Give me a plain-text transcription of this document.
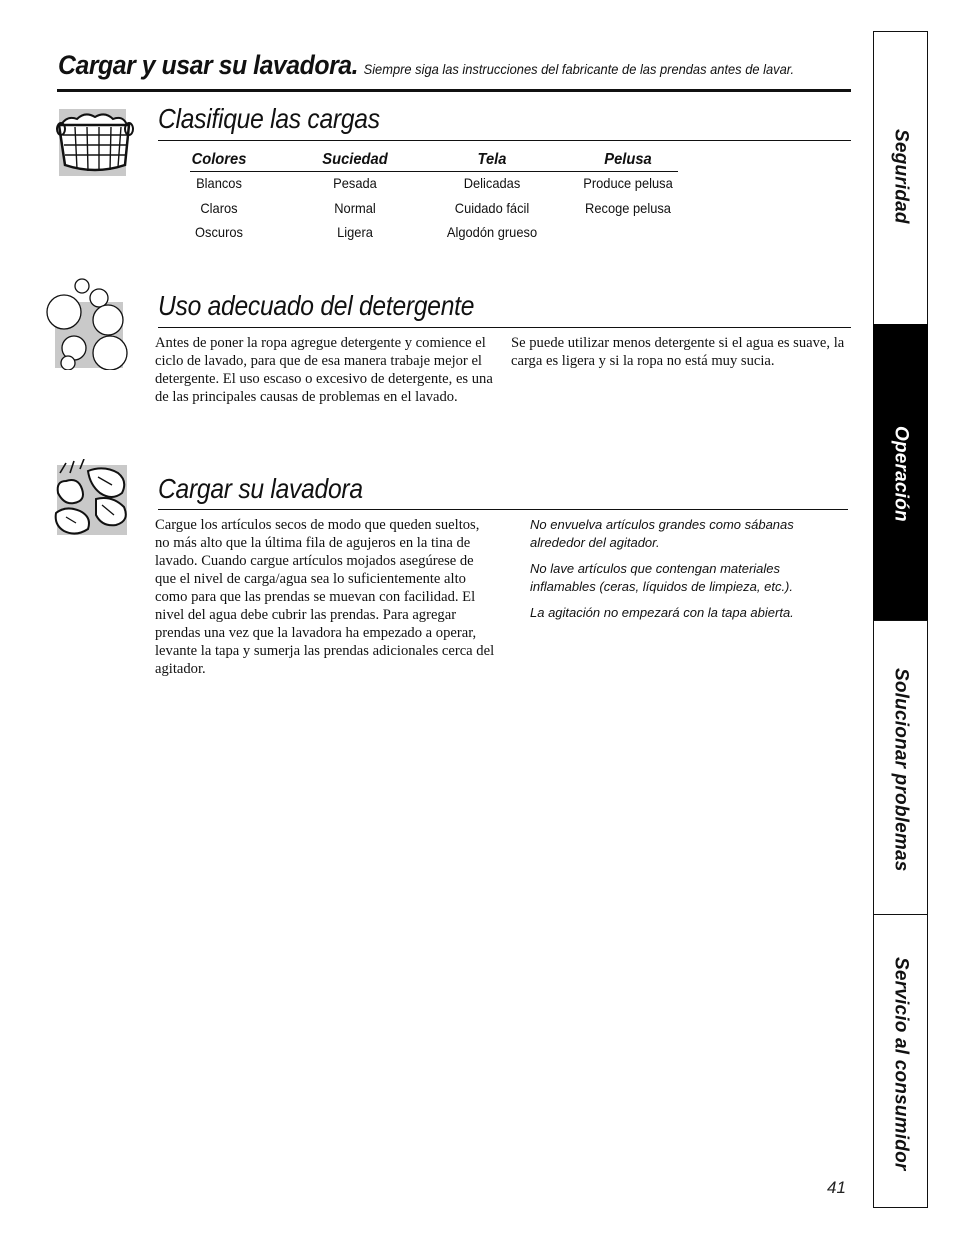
Cargar y usar su lavadora. Siempre siga las instrucciones del fabricante de las prendas antes de lavar.
Clasifique las cargas
Colores
Blancos
Claros
Oscuros
Suciedad
Pesada
Normal
Ligera
Tela
Delicadas
Cuidado fácil
Algodón grueso
Pelusa
Produce pelusa
Recoge pelusa
Uso adecuado del detergente
Antes de poner la ropa agregue detergente y comience el ciclo de lavado, para que de esa manera trabaje mejor el detergente. El uso escaso o excesivo de detergente, es una de las principales causas de problemas en el lavado.
Se puede utilizar menos detergente si el agua es suave, la carga es ligera y si la ropa no está muy sucia.
Cargar su lavadora
Cargue los artículos secos de modo que queden sueltos, no más alto que la última fila de agujeros en la tina de lavado. Cuando cargue artículos mojados asegúrese de que el nivel de carga/agua sea lo suficientemente alto como para que las prendas se muevan con facilidad. El nivel del agua debe cubrir las prendas. Para agregar prendas una vez que la lavadora ha empezado a operar, levante la tapa y sumerja las prendas adicionales cerca del agitador.
No envuelva artículos grandes como sábanas alrededor del agitador.
No lave artículos que contengan materiales inflamables (ceras, líquidos de limpieza, etc.).
La agitación no empezará con la tapa abierta.
Seguridad
Operación
Solucionar problemas
Servicio al consumidor
41
